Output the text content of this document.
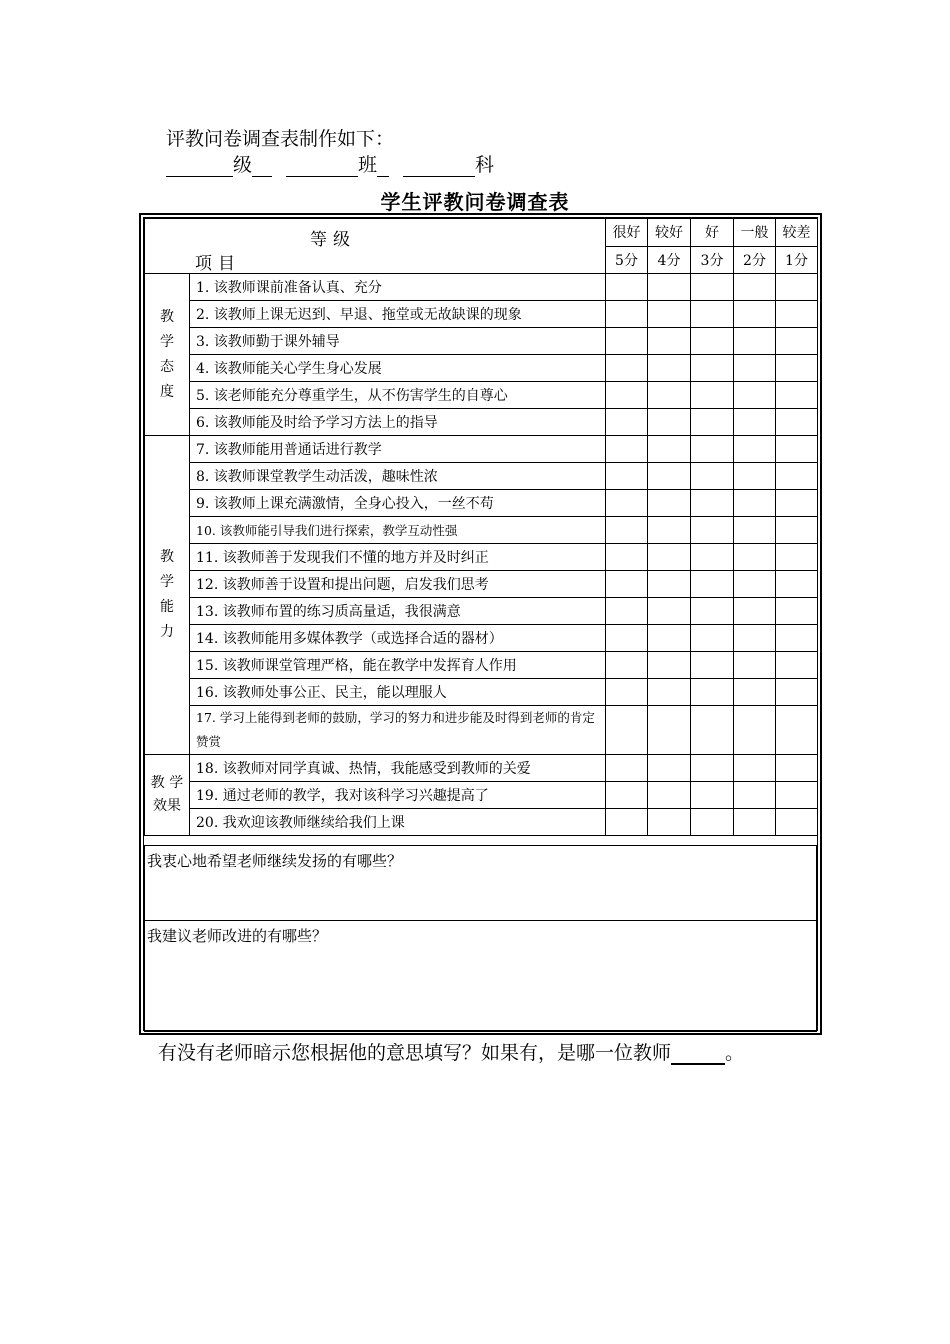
评教问卷调查表制作如下：
级	班	科
学生评教问卷调查表
等级
项目		很好	较好	好	一般	较差
		5分	4分	3分	2分	1分
教
学
态
度	1. 该教师课前准备认真、充分					
	2. 该教师上课无迟到、早退、拖堂或无故缺课的现象					
	3. 该教师勤于课外辅导					
	4. 该教师能关心学生身心发展					
	5. 该老师能充分尊重学生，从不伤害学生的自尊心					
	6. 该教师能及时给予学习方法上的指导					
教
学
能
力	7. 该教师能用普通话进行教学					
	8. 该教师课堂教学生动活泼，趣味性浓					
	9. 该教师上课充满激情，全身心投入，一丝不苟					
	10. 该教师能引导我们进行探索，教学互动性强					
	11. 该教师善于发现我们不懂的地方并及时纠正					
	12. 该教师善于设置和提出问题，启发我们思考					
	13. 该教师布置的练习质高量适，我很满意					
	14. 该教师能用多媒体教学（或选择合适的器材）					
	15. 该教师课堂管理严格，能在教学中发挥育人作用					
	16. 该教师处事公正、民主，能以理服人					
	17. 学习上能得到老师的鼓励，学习的努力和进步能及时得到老师的肯定赞赏					
教 学
效果	18. 该教师对同学真诚、热情，我能感受到教师的关爱					
	19. 通过老师的教学，我对该科学习兴趣提高了					
	20. 我欢迎该教师继续给我们上课					
我衷心地希望老师继续发扬的有哪些？
我建议老师改进的有哪些？
有没有老师暗示您根据他的意思填写？如果有，是哪一位教师	。
